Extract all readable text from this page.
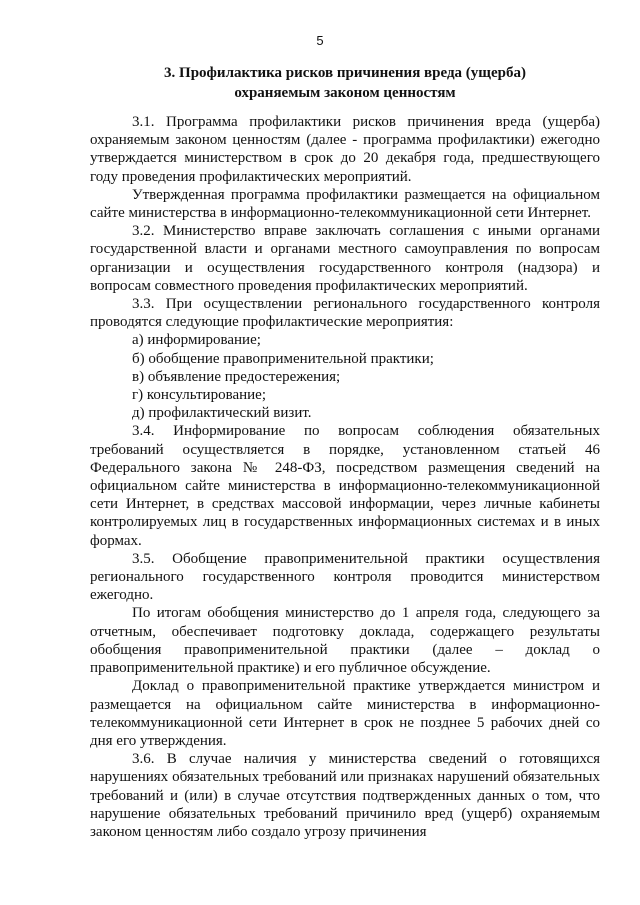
5
3. Профилактика рисков причинения вреда (ущерба)
охраняемым законом ценностям

3.1. Программа профилактики рисков причинения вреда (ущерба) охраняемым законом ценностям (далее - программа профилактики) ежегодно утверждается министерством в срок до 20 декабря года, предшествующего году проведения профилактических мероприятий.

Утвержденная программа профилактики размещается на официальном сайте министерства в информационно-телекоммуникационной сети Интернет.

3.2. Министерство вправе заключать соглашения с иными органами государственной власти и органами местного самоуправления по вопросам организации и осуществления государственного контроля (надзора) и вопросам совместного проведения профилактических мероприятий.

3.3. При осуществлении регионального государственного контроля проводятся следующие профилактические мероприятия:

а) информирование;

б) обобщение правоприменительной практики;

в) объявление предостережения;

г) консультирование;

д) профилактический визит.

3.4. Информирование по вопросам соблюдения обязательных требований осуществляется в порядке, установленном статьей 46 Федерального закона № 248-ФЗ, посредством размещения сведений на официальном сайте министерства в информационно-телекоммуникационной сети Интернет, в средствах массовой информации, через личные кабинеты контролируемых лиц в государственных информационных системах и в иных формах.

3.5. Обобщение правоприменительной практики осуществления регионального государственного контроля проводится министерством ежегодно.

По итогам обобщения министерство до 1 апреля года, следующего за отчетным, обеспечивает подготовку доклада, содержащего результаты обобщения правоприменительной практики (далее – доклад о правоприменительной практике) и его публичное обсуждение.

Доклад о правоприменительной практике утверждается министром и размещается на официальном сайте министерства в информационно-телекоммуникационной сети Интернет в срок не позднее 5 рабочих дней со дня его утверждения.

3.6. В случае наличия у министерства сведений о готовящихся нарушениях обязательных требований или признаках нарушений обязательных требований и (или) в случае отсутствия подтвержденных данных о том, что нарушение обязательных требований причинило вред (ущерб) охраняемым законом ценностям либо создало угрозу причинения
